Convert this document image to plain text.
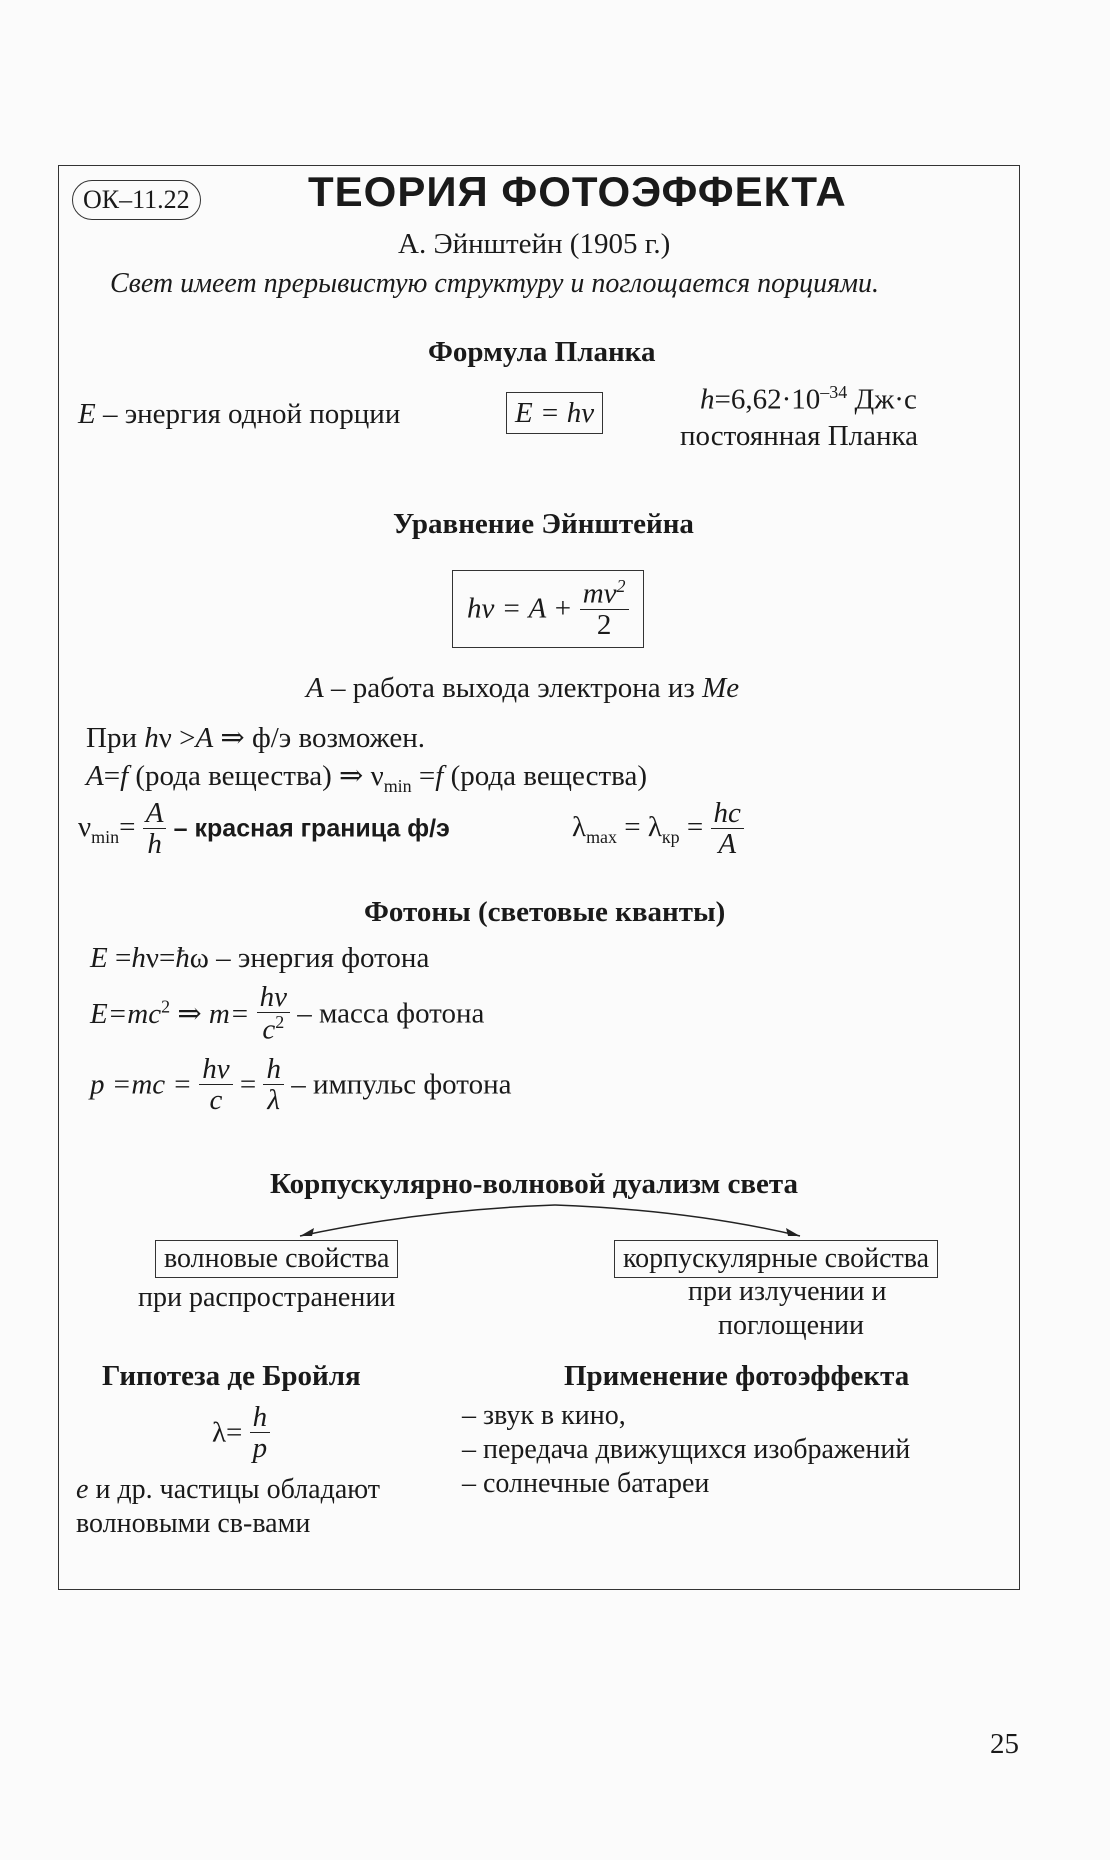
ОК–11.22	ТЕОРИЯ ФОТОЭФФЕКТА
А. Эйнштейн (1905 г.)
Свет имеет прерывистую структуру и поглощается порциями.
Формула Планка
E – энергия одной порции	E = hν	$h=6,62\cdot 10^{-34}$ Дж·с
постоянная Планка
Уравнение Эйнштейна
$h\nu = A + \frac{mv^2}{2}$
A – работа выхода электрона из Me
При hν >A ⇒ ф/э возможен.
A=f (рода вещества) ⇒ $\nu_{min} =f$ (рода вещества)
$\nu_{min}= \frac{A}{h}$ – красная граница ф/э	$\lambda_{max} = \lambda_{кр} = \frac{hc}{A}$
Фотоны (световые кванты)
E =hν=ħω – энергия фотона
$E=mc^2$ ⇒ $m= \frac{h\nu}{c^2}$ – масса фотона
$p =mc = \frac{h\nu}{c} = \frac{h}{\lambda}$ – импульс фотона
Корпускулярно-волновой дуализм света
волновые свойства
при распространении
корпускулярные свойства
при излучении и
поглощении
Гипотеза де Бройля
$\lambda= \frac{h}{p}$
e и др. частицы обладают
волновыми св-вами
Применение фотоэффекта
– звук в кино,
– передача движущихся изображений
– солнечные батареи
25
